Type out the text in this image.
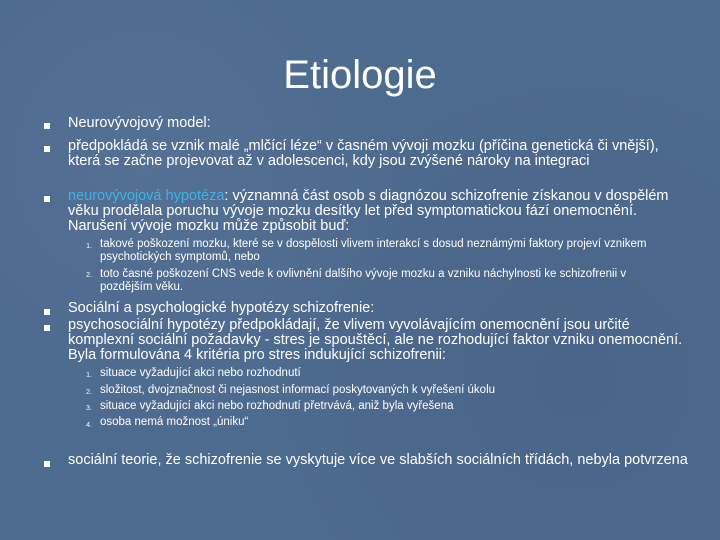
Etiologie
Neurovývojový model:
předpokládá se vznik malé „mlčící léze“ v časném vývoji mozku (příčina genetická či vnější), která se začne projevovat až v adolescenci, kdy jsou zvýšené nároky na integraci
neurovývojová hypotéza: významná část osob s diagnózou schizofrenie získanou v dospělém věku prodělala poruchu vývoje mozku desítky let před symptomatickou fází onemocnění. Narušení vývoje mozku může způsobit buď:
1. takové poškození mozku, které se v dospělosti vlivem interakcí s dosud neznámými faktory projeví vznikem psychotických symptomů, nebo
2. toto časné poškození CNS vede k ovlivnění dalšího vývoje mozku a vzniku náchylnosti ke schizofrenii v pozdějším věku.
Sociální a psychologické hypotézy schizofrenie:
psychosociální hypotézy předpokládají, že vlivem vyvolávajícím onemocnění jsou určité komplexní sociální požadavky - stres je spouštěcí, ale ne rozhodující faktor vzniku onemocnění. Byla formulována 4 kritéria pro stres indukující schizofrenii:
1. situace vyžadující akci nebo rozhodnutí
2. složitost, dvojznačnost či nejasnost informací poskytovaných k vyřešení úkolu
3. situace vyžadující akci nebo rozhodnutí přetrvává, aniž byla vyřešena
4. osoba nemá možnost „úniku“
sociální teorie, že schizofrenie se vyskytuje více ve slabších sociálních třídách, nebyla potvrzena
